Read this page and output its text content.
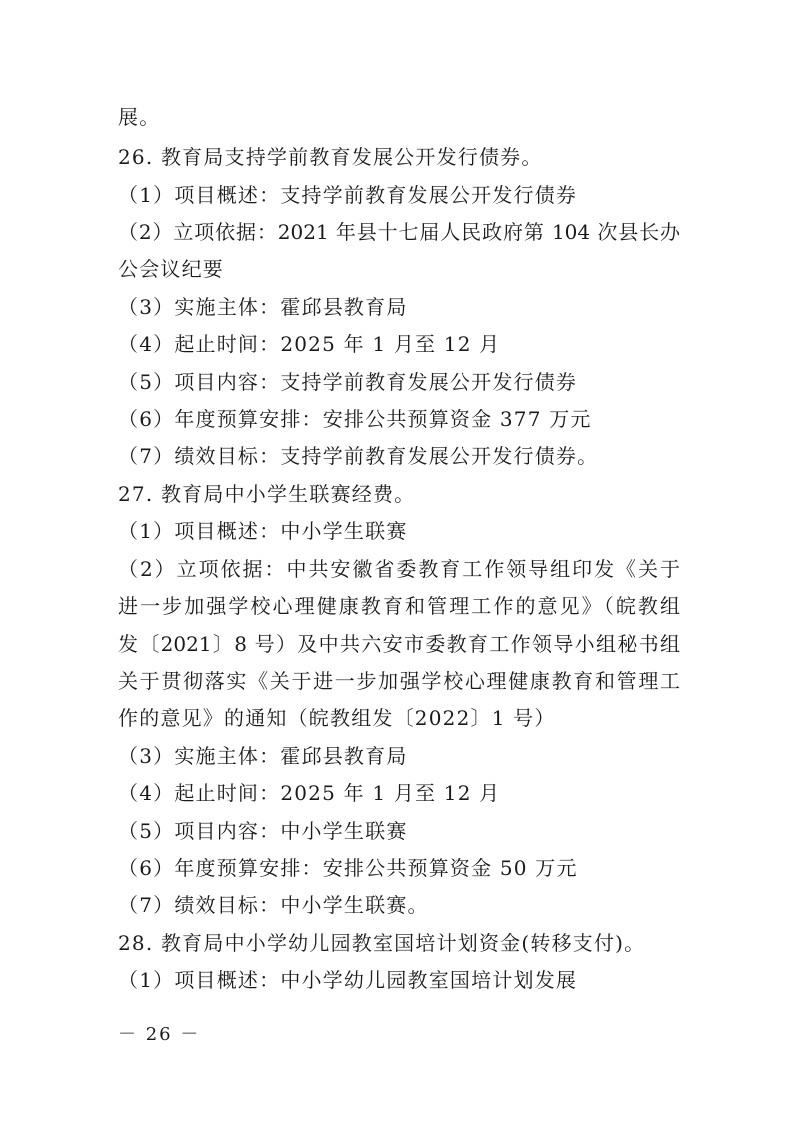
展。
26. 教育局支持学前教育发展公开发行债券。
（1）项目概述：支持学前教育发展公开发行债券
（2）立项依据：2021 年县十七届人民政府第 104 次县长办
公会议纪要
（3）实施主体：霍邱县教育局
（4）起止时间：2025 年 1 月至 12 月
（5）项目内容：支持学前教育发展公开发行债券
（6）年度预算安排：安排公共预算资金 377 万元
（7）绩效目标：支持学前教育发展公开发行债券。
27. 教育局中小学生联赛经费。
（1）项目概述：中小学生联赛
（2）立项依据：中共安徽省委教育工作领导组印发《关于
进一步加强学校心理健康教育和管理工作的意见》（皖教组
发〔2021〕8 号）及中共六安市委教育工作领导小组秘书组
关于贯彻落实《关于进一步加强学校心理健康教育和管理工
作的意见》的通知（皖教组发〔2022〕1 号）
（3）实施主体：霍邱县教育局
（4）起止时间：2025 年 1 月至 12 月
（5）项目内容：中小学生联赛
（6）年度预算安排：安排公共预算资金 50 万元
（7）绩效目标：中小学生联赛。
28. 教育局中小学幼儿园教室国培计划资金(转移支付)。
（1）项目概述：中小学幼儿园教室国培计划发展
－ 26 －
